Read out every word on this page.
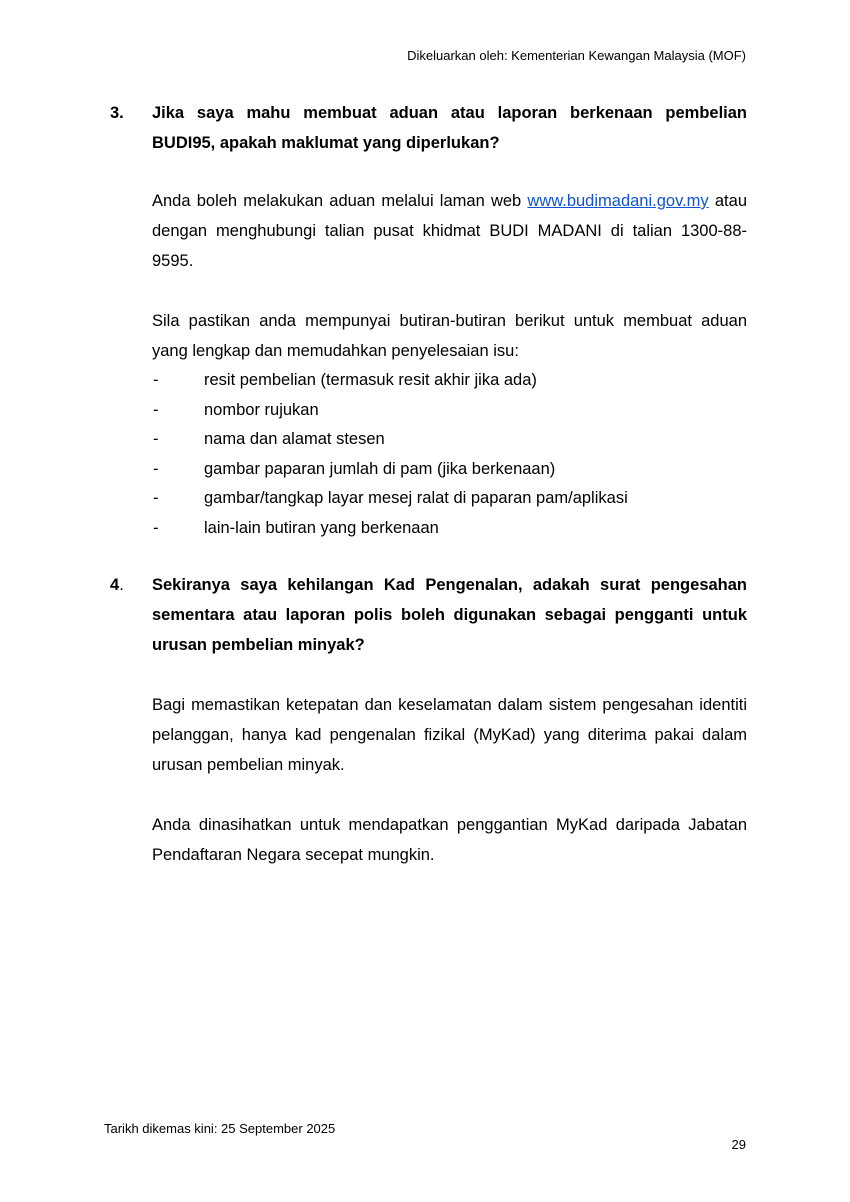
Dikeluarkan oleh: Kementerian Kewangan Malaysia (MOF)
3. Jika saya mahu membuat aduan atau laporan berkenaan pembelian BUDI95, apakah maklumat yang diperlukan?
Anda boleh melakukan aduan melalui laman web www.budimadani.gov.my atau dengan menghubungi talian pusat khidmat BUDI MADANI di talian 1300-88-9595.
Sila pastikan anda mempunyai butiran-butiran berikut untuk membuat aduan yang lengkap dan memudahkan penyelesaian isu:
-	resit pembelian (termasuk resit akhir jika ada)
-	nombor rujukan
-	nama dan alamat stesen
-	gambar paparan jumlah di pam (jika berkenaan)
-	gambar/tangkap layar mesej ralat di paparan pam/aplikasi
-	lain-lain butiran yang berkenaan
4. Sekiranya saya kehilangan Kad Pengenalan, adakah surat pengesahan sementara atau laporan polis boleh digunakan sebagai pengganti untuk urusan pembelian minyak?
Bagi memastikan ketepatan dan keselamatan dalam sistem pengesahan identiti pelanggan, hanya kad pengenalan fizikal (MyKad) yang diterima pakai dalam urusan pembelian minyak.
Anda dinasihatkan untuk mendapatkan penggantian MyKad daripada Jabatan Pendaftaran Negara secepat mungkin.
Tarikh dikemas kini: 25 September 2025
29
